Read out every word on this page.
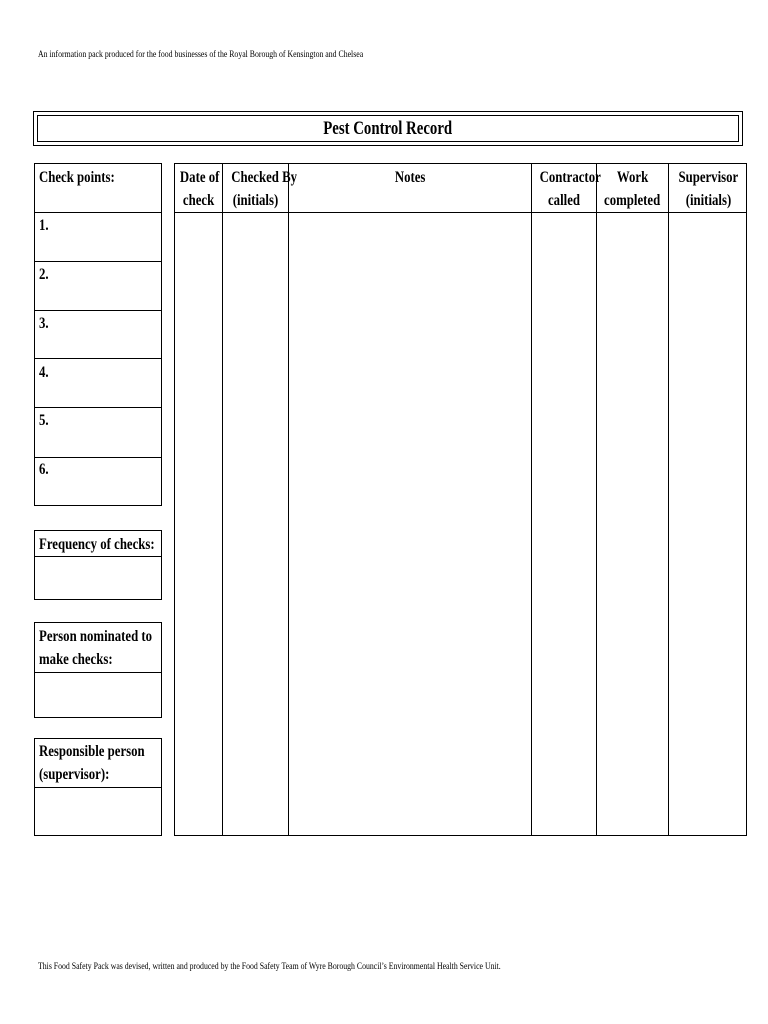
An information pack produced for the food businesses of the Royal Borough of Kensington and Chelsea
Pest Control Record
Check points:
1.
2.
3.
4.
5.
6.
Frequency of checks:
Person nominated to
make checks:
Responsible person
(supervisor):
Date of
check
Checked By
(initials)
Notes	Contractor
called
Work
completed
Supervisor
(initials)
This Food Safety Pack was devised, written and produced by the Food Safety Team of Wyre Borough Council’s Environmental Health Service Unit.
